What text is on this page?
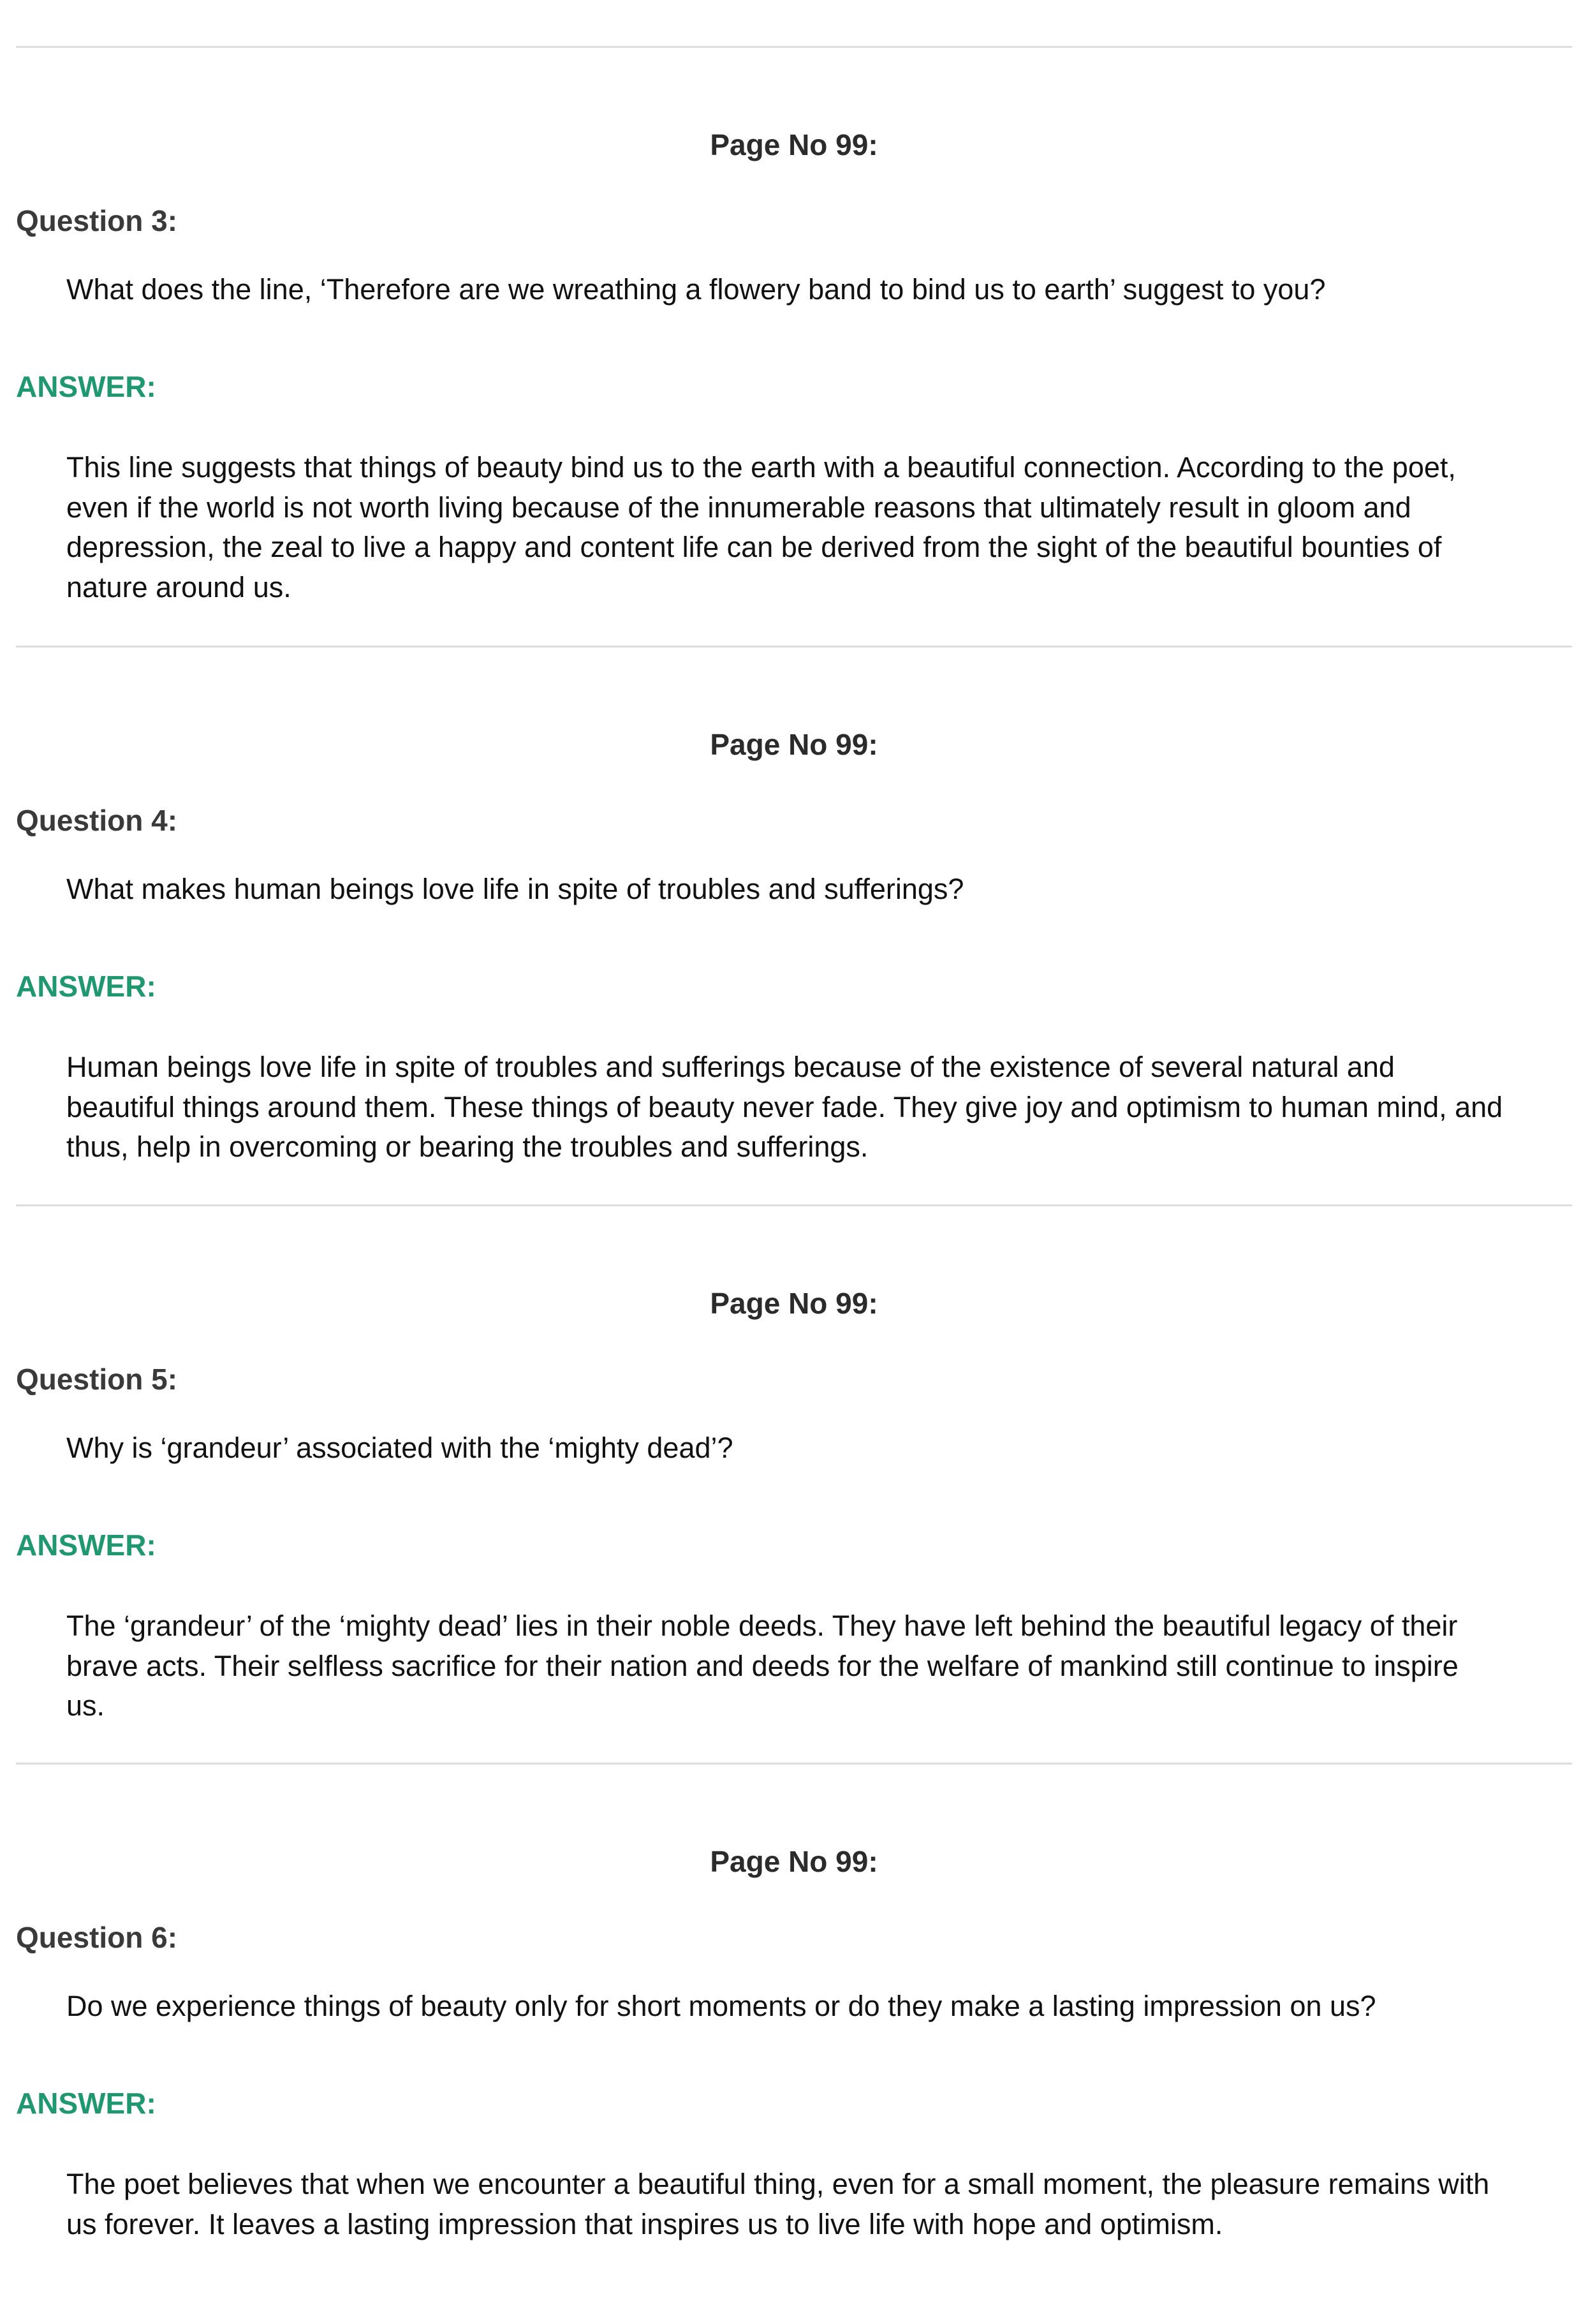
Page No 99:
Question 3:
What does the line, ‘Therefore are we wreathing a flowery band to bind us to earth’ suggest to you?
ANSWER:
This line suggests that things of beauty bind us to the earth with a beautiful connection. According to the poet,
even if the world is not worth living because of the innumerable reasons that ultimately result in gloom and
depression, the zeal to live a happy and content life can be derived from the sight of the beautiful bounties of
nature around us.
Page No 99:
Question 4:
What makes human beings love life in spite of troubles and sufferings?
ANSWER:
Human beings love life in spite of troubles and sufferings because of the existence of several natural and
beautiful things around them. These things of beauty never fade. They give joy and optimism to human mind, and
thus, help in overcoming or bearing the troubles and sufferings.
Page No 99:
Question 5:
Why is ‘grandeur’ associated with the ‘mighty dead’?
ANSWER:
The ‘grandeur’ of the ‘mighty dead’ lies in their noble deeds. They have left behind the beautiful legacy of their
brave acts. Their selfless sacrifice for their nation and deeds for the welfare of mankind still continue to inspire
us.
Page No 99:
Question 6:
Do we experience things of beauty only for short moments or do they make a lasting impression on us?
ANSWER:
The poet believes that when we encounter a beautiful thing, even for a small moment, the pleasure remains with
us forever. It leaves a lasting impression that inspires us to live life with hope and optimism.
